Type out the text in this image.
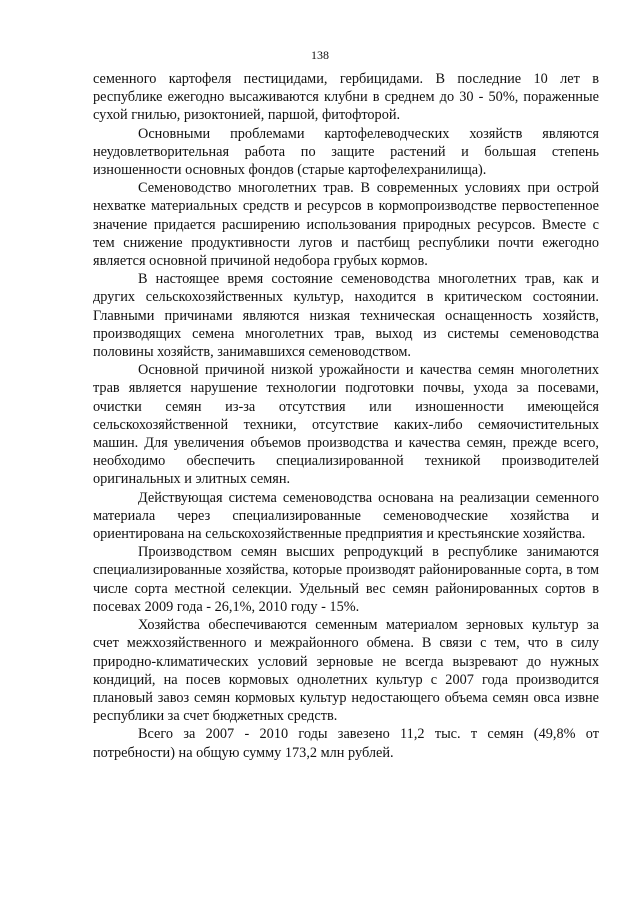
138

семенного картофеля пестицидами, гербицидами. В последние 10 лет в республике ежегодно высаживаются клубни в среднем до 30 - 50%, пораженные сухой гнилью, ризоктонией, паршой, фитофторой.

Основными проблемами картофелеводческих хозяйств являются неудовлетворительная работа по защите растений и большая степень изношенности основных фондов (старые картофелехранилища).

Семеноводство многолетних трав. В современных условиях при острой нехватке материальных средств и ресурсов в кормопроизводстве первостепенное значение придается расширению использования природных ресурсов. Вместе с тем снижение продуктивности лугов и пастбищ республики почти ежегодно является основной причиной недобора грубых кормов.

В настоящее время состояние семеноводства многолетних трав, как и других сельскохозяйственных культур, находится в критическом состоянии. Главными причинами являются низкая техническая оснащенность хозяйств, производящих семена многолетних трав, выход из системы семеноводства половины хозяйств, занимавшихся семеноводством.

Основной причиной низкой урожайности и качества семян многолетних трав является нарушение технологии подготовки почвы, ухода за посевами, очистки семян из-за отсутствия или изношенности имеющейся сельскохозяйственной техники, отсутствие каких-либо семяочистительных машин. Для увеличения объемов производства и качества семян, прежде всего, необходимо обеспечить специализированной техникой производителей оригинальных и элитных семян.

Действующая система семеноводства основана на реализации семенного материала через специализированные семеноводческие хозяйства и ориентирована на сельскохозяйственные предприятия и крестьянские хозяйства.

Производством семян высших репродукций в республике занимаются специализированные хозяйства, которые производят районированные сорта, в том числе сорта местной селекции. Удельный вес семян районированных сортов в посевах 2009 года - 26,1%, 2010 году - 15%.

Хозяйства обеспечиваются семенным материалом зерновых культур за счет межхозяйственного и межрайонного обмена. В связи с тем, что в силу природно-климатических условий зерновые не всегда вызревают до нужных кондиций, на посев кормовых однолетних культур с 2007 года производится плановый завоз семян кормовых культур недостающего объема семян овса извне республики за счет бюджетных средств.

Всего за 2007 - 2010 годы завезено 11,2 тыс. т семян (49,8% от потребности) на общую сумму 173,2 млн рублей.
